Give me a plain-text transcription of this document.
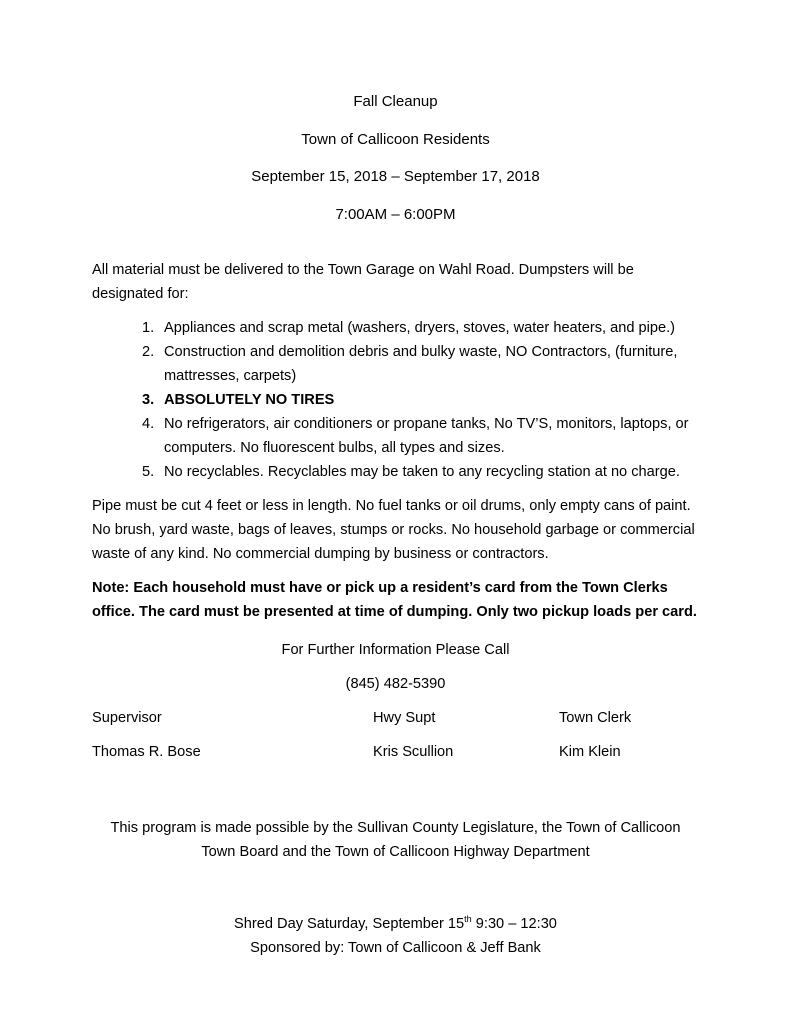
Fall Cleanup
Town of Callicoon Residents
September 15, 2018 – September 17, 2018
7:00AM – 6:00PM

All material must be delivered to the Town Garage on Wahl Road. Dumpsters will be designated for:

1. Appliances and scrap metal (washers, dryers, stoves, water heaters, and pipe.)
2. Construction and demolition debris and bulky waste, NO Contractors, (furniture, mattresses, carpets)
3. ABSOLUTELY NO TIRES
4. No refrigerators, air conditioners or propane tanks, No TV’S, monitors, laptops, or computers. No fluorescent bulbs, all types and sizes.
5. No recyclables. Recyclables may be taken to any recycling station at no charge.

Pipe must be cut 4 feet or less in length. No fuel tanks or oil drums, only empty cans of paint. No brush, yard waste, bags of leaves, stumps or rocks. No household garbage or commercial waste of any kind. No commercial dumping by business or contractors.

Note: Each household must have or pick up a resident’s card from the Town Clerks office. The card must be presented at time of dumping. Only two pickup loads per card.

For Further Information Please Call

(845) 482-5390

Supervisor	Hwy Supt	Town Clerk

Thomas R. Bose	Kris Scullion	Kim Klein

This program is made possible by the Sullivan County Legislature, the Town of Callicoon Town Board and the Town of Callicoon Highway Department

Shred Day Saturday, September 15th 9:30 – 12:30

Sponsored by: Town of Callicoon & Jeff Bank
